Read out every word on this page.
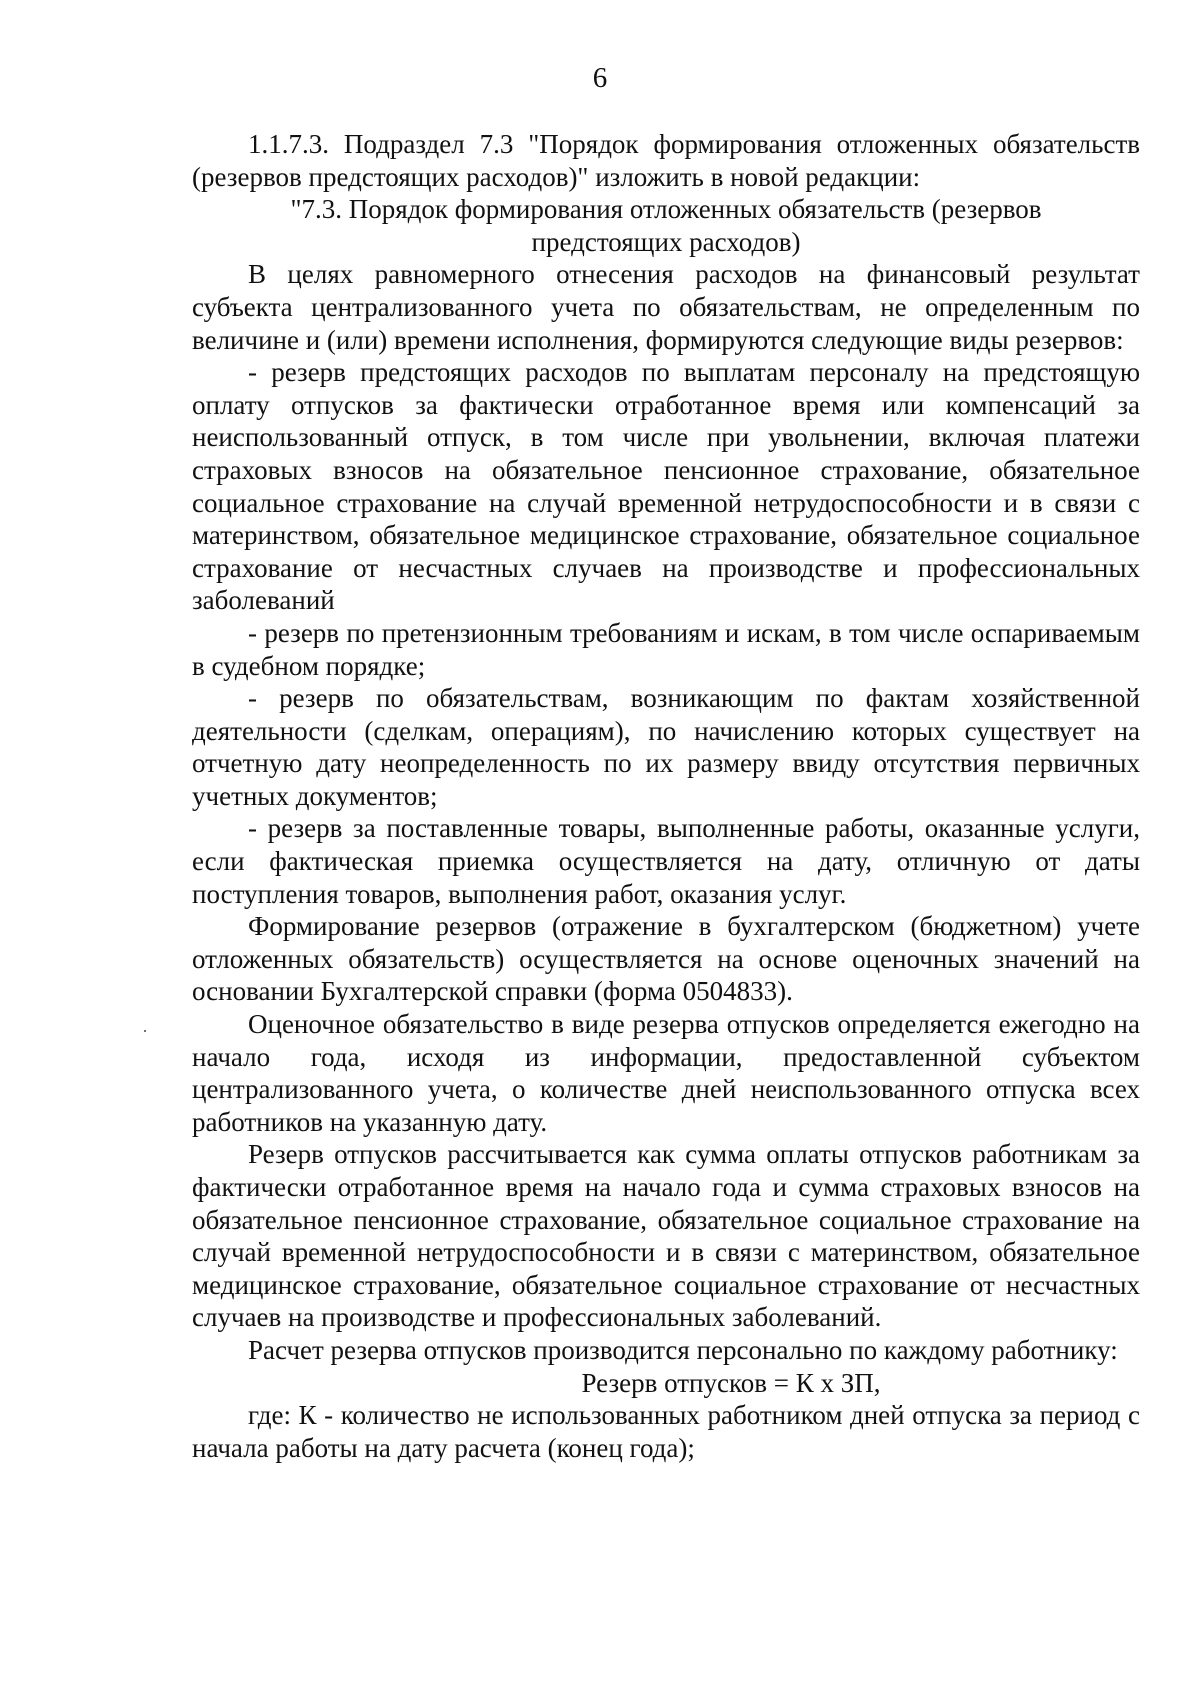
6

1.1.7.3. Подраздел 7.3 "Порядок формирования отложенных обязательств (резервов предстоящих расходов)" изложить в новой редакции:

"7.3. Порядок формирования отложенных обязательств (резервов предстоящих расходов)

В целях равномерного отнесения расходов на финансовый результат субъекта централизованного учета по обязательствам, не определенным по величине и (или) времени исполнения, формируются следующие виды резервов:

- резерв предстоящих расходов по выплатам персоналу на предстоящую оплату отпусков за фактически отработанное время или компенсаций за неиспользованный отпуск, в том числе при увольнении, включая платежи страховых взносов на обязательное пенсионное страхование, обязательное социальное страхование на случай временной нетрудоспособности и в связи с материнством, обязательное медицинское страхование, обязательное социальное страхование от несчастных случаев на производстве и профессиональных заболеваний

- резерв по претензионным требованиям и искам, в том числе оспариваемым в судебном порядке;

- резерв по обязательствам, возникающим по фактам хозяйственной деятельности (сделкам, операциям), по начислению которых существует на отчетную дату неопределенность по их размеру ввиду отсутствия первичных учетных документов;

- резерв за поставленные товары, выполненные работы, оказанные услуги, если фактическая приемка осуществляется на дату, отличную от даты поступления товаров, выполнения работ, оказания услуг.

Формирование резервов (отражение в бухгалтерском (бюджетном) учете отложенных обязательств) осуществляется на основе оценочных значений на основании Бухгалтерской справки (форма 0504833).

Оценочное обязательство в виде резерва отпусков определяется ежегодно на начало года, исходя из информации, предоставленной субъектом централизованного учета, о количестве дней неиспользованного отпуска всех работников на указанную дату.

Резерв отпусков рассчитывается как сумма оплаты отпусков работникам за фактически отработанное время на начало года и сумма страховых взносов на обязательное пенсионное страхование, обязательное социальное страхование на случай временной нетрудоспособности и в связи с материнством, обязательное медицинское страхование, обязательное социальное страхование от несчастных случаев на производстве и профессиональных заболеваний.

Расчет резерва отпусков производится персонально по каждому работнику:

Резерв отпусков = К х ЗП,

где: К - количество не использованных работником дней отпуска за период с начала работы на дату расчета (конец года);
